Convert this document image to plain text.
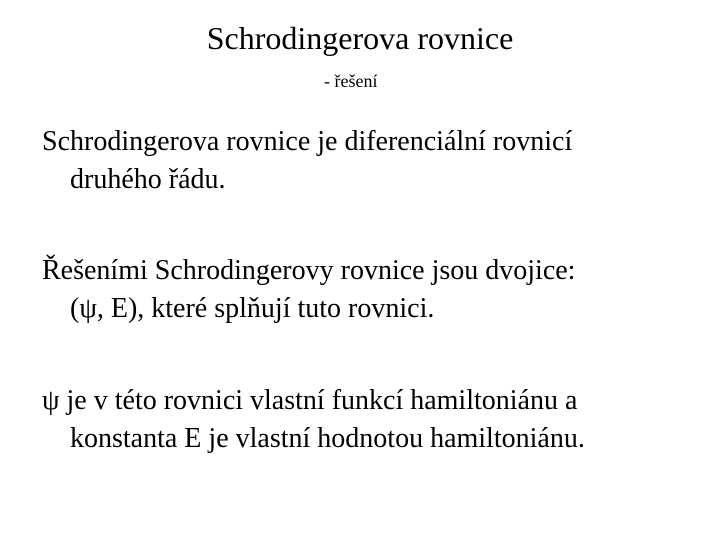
Schrodingerova rovnice
- řešení
Schrodingerova rovnice je diferenciální rovnicí
druhého řádu.
Řešeními Schrodingerovy rovnice jsou dvojice:
(ψ, E), které splňují tuto rovnici.
ψ je v této rovnici vlastní funkcí hamiltoniánu a
konstanta E je vlastní hodnotou hamiltoniánu.
